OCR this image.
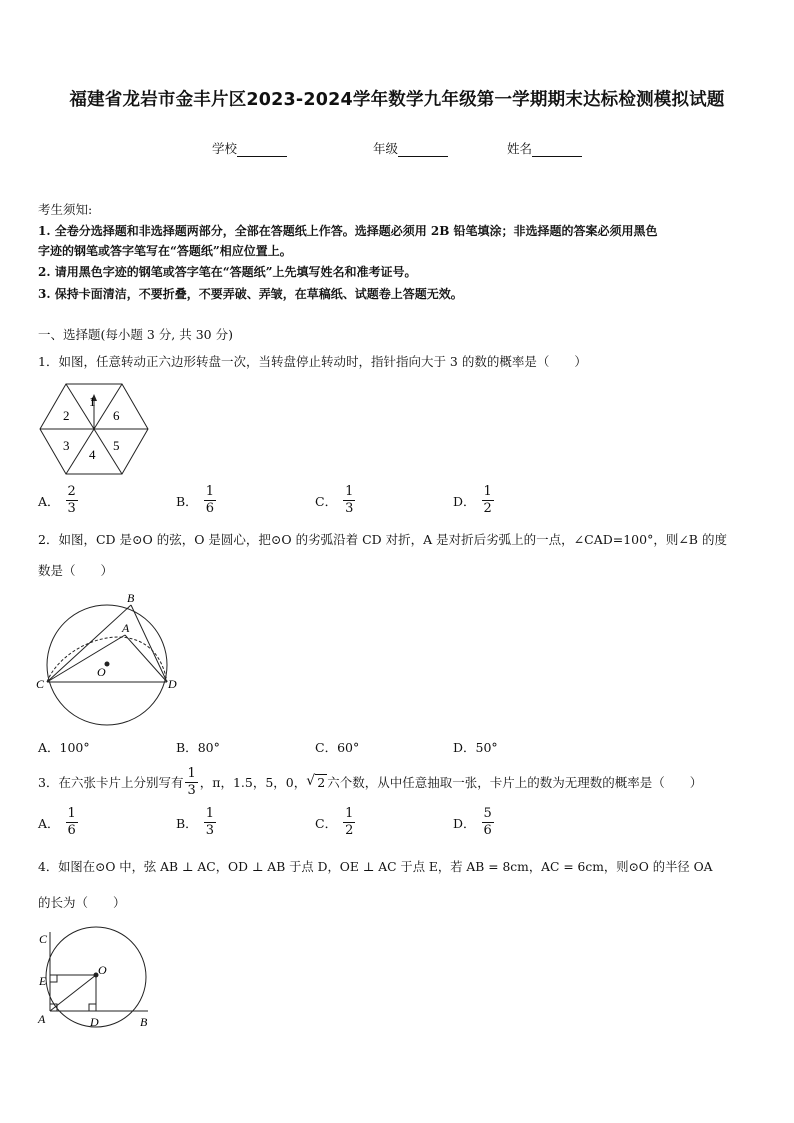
福建省龙岩市金丰片区2023-2024学年数学九年级第一学期期末达标检测模拟试题
学校	年级	姓名
考生须知:
1. 全卷分选择题和非选择题两部分，全部在答题纸上作答。选择题必须用 2B 铅笔填涂；非选择题的答案必须用黑色
字迹的钢笔或答字笔写在“答题纸”相应位置上。
2. 请用黑色字迹的钢笔或答字笔在“答题纸”上先填写姓名和准考证号。
3. 保持卡面清洁，不要折叠，不要弄破、弄皱，在草稿纸、试题卷上答题无效。
一、选择题(每小题 3 分, 共 30 分)
1．如图，任意转动正六边形转盘一次，当转盘停止转动时，指针指向大于 3 的数的概率是（　　）
1
6
5
4
3
2
A． $\frac{2}{3}$	B． $\frac{1}{6}$	C． $\frac{1}{3}$	D． $\frac{1}{2}$
2．如图，CD 是⊙O 的弦，O 是圆心，把⊙O 的劣弧沿着 CD 对折，A 是对折后劣弧上的一点，∠CAD=100°，则∠B 的度
数是（　　）
B
A
O
C	D
A． 100°	B． 80°	C． 60°	D． 50°
3．在六张卡片上分别写有 $\frac{1}{3}$ ，π，1.5，5，0， √ 2 六个数，从中任意抽取一张，卡片上的数为无理数的概率是（　　）
A． $\frac{1}{6}$	B． $\frac{1}{3}$	C． $\frac{1}{2}$	D． $\frac{5}{6}$
4．如图在⊙O 中，弦 AB ⊥ AC，OD ⊥ AB 于点 D，OE ⊥ AC 于点 E，若 AB = 8cm，AC = 6cm，则⊙O 的半径 OA
的长为（　　）
C
E
O
A	D	B
